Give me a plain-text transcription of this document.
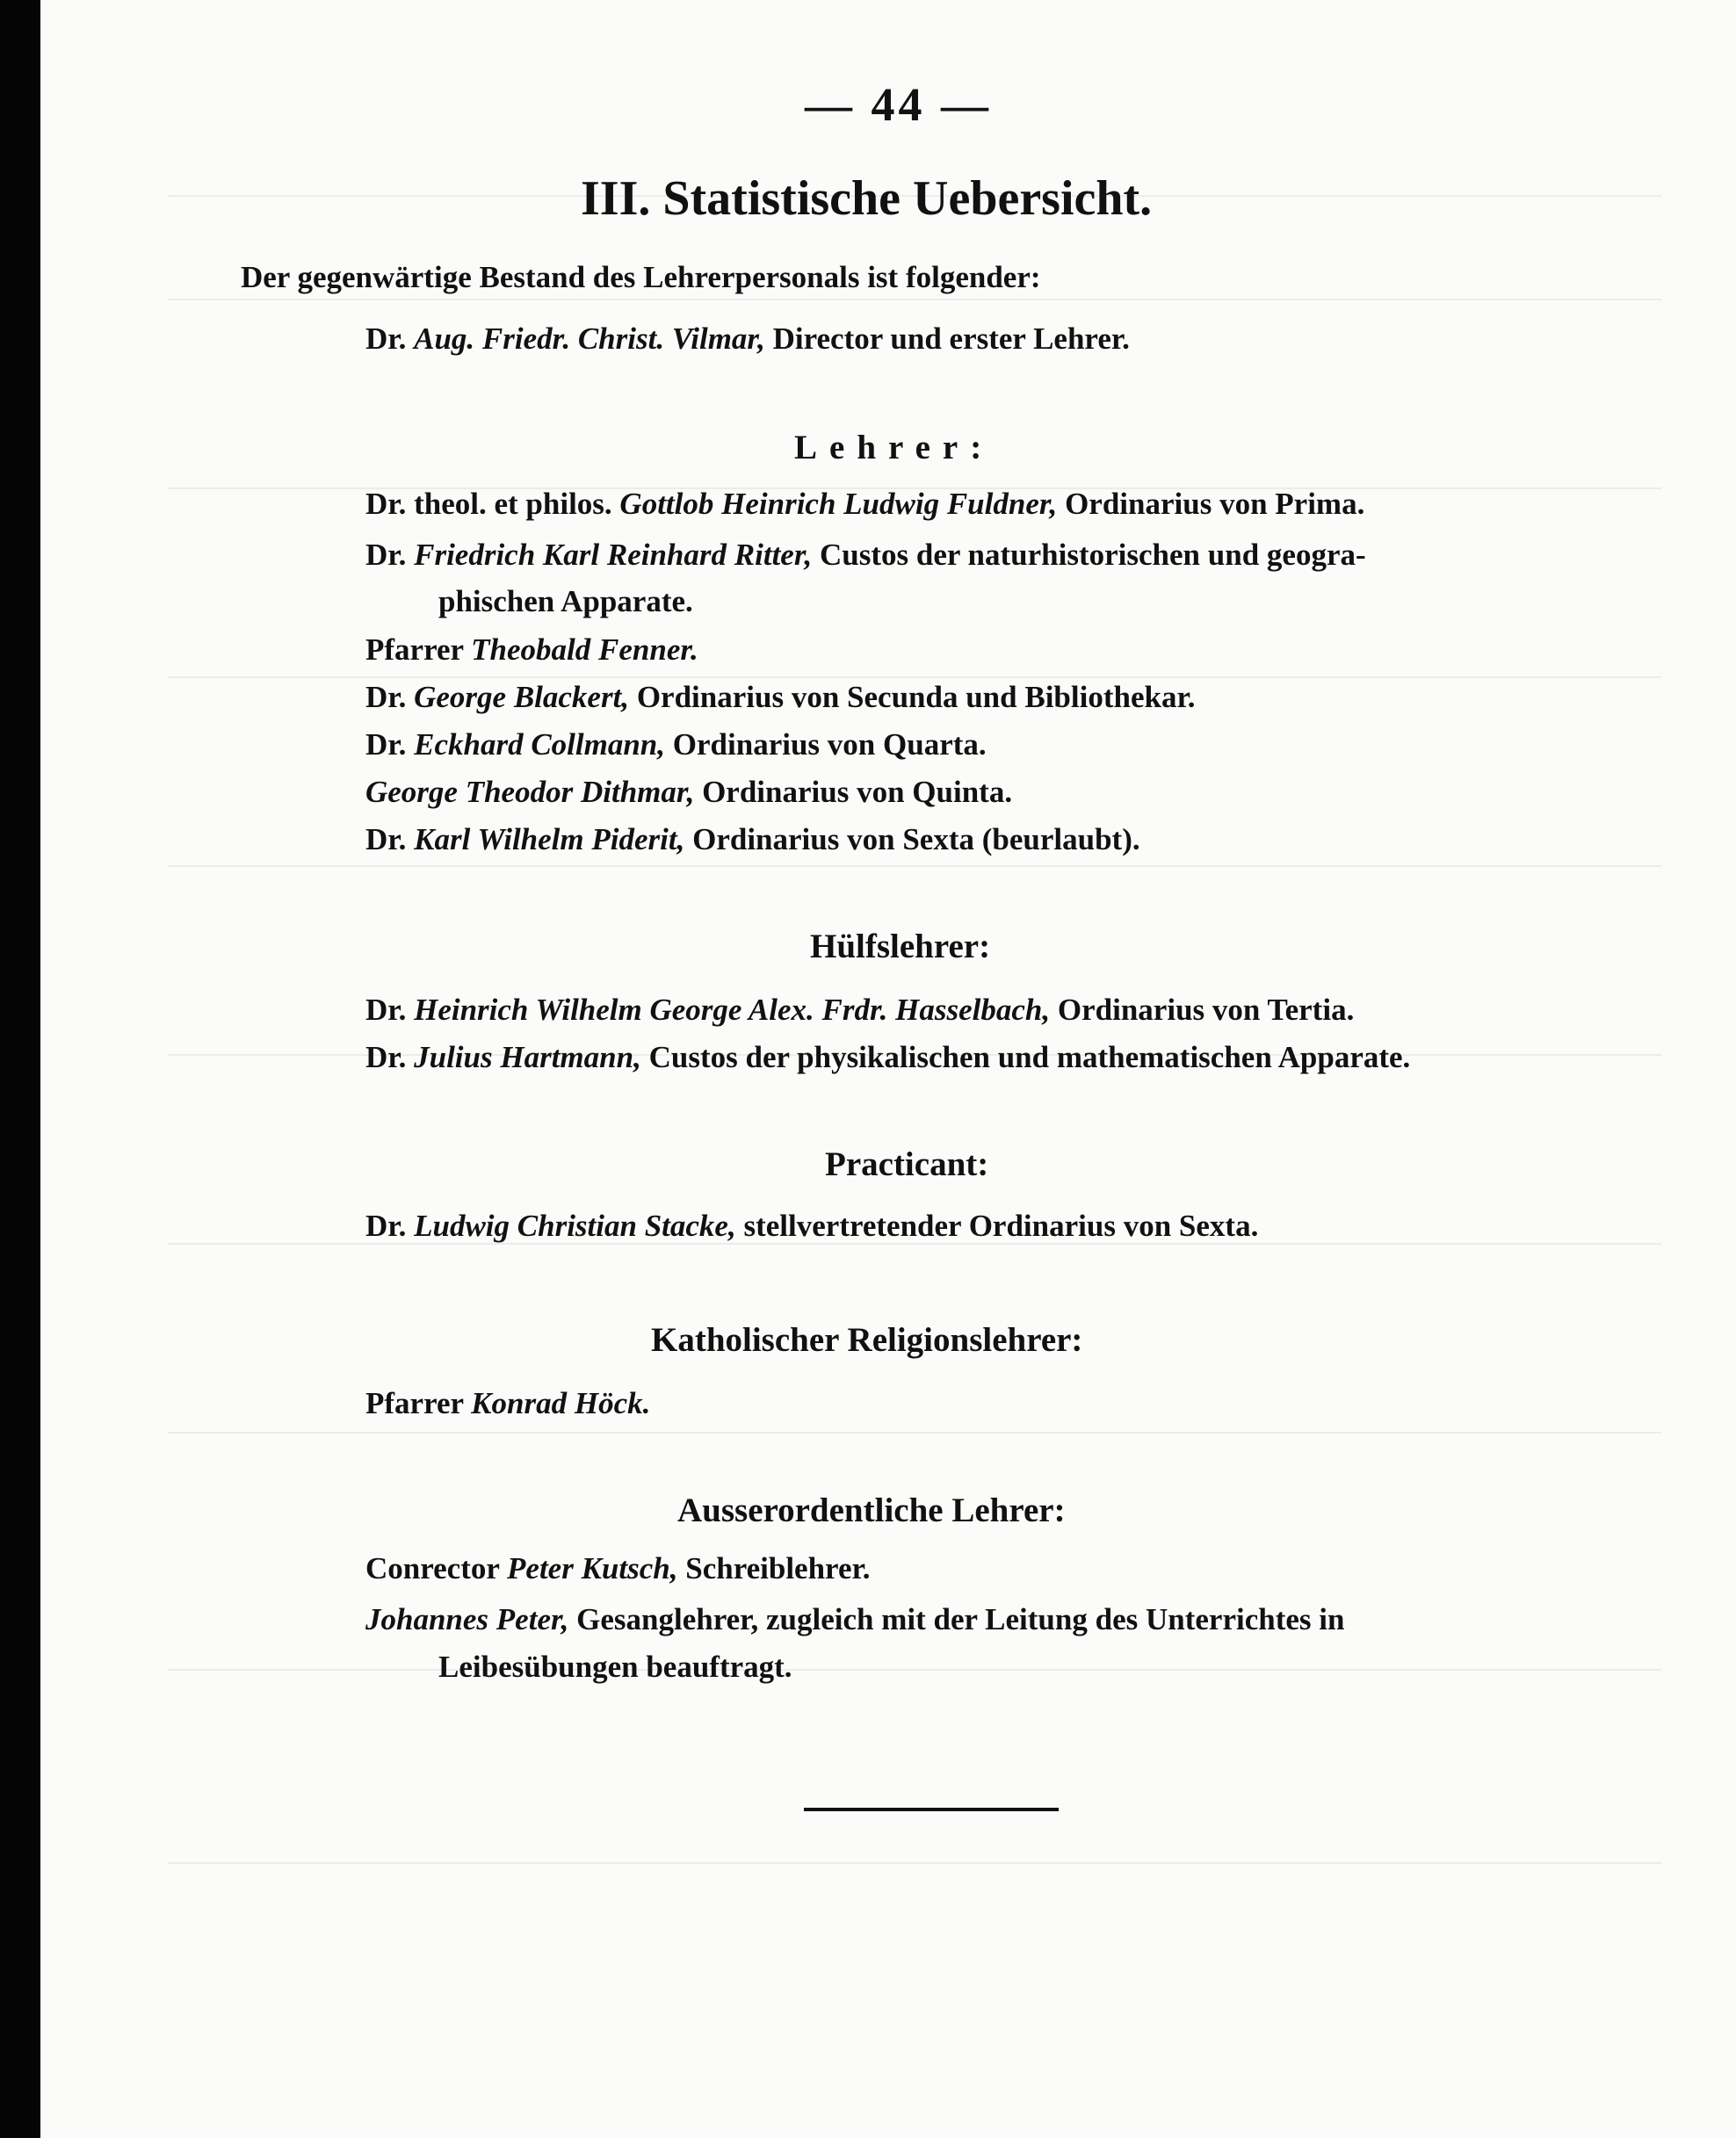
— 44 —
III. Statistische Uebersicht.
Der gegenwärtige Bestand des Lehrerpersonals ist folgender:
Dr. Aug. Friedr. Christ. Vilmar, Director und erster Lehrer.
Lehrer:
Dr. theol. et philos. Gottlob Heinrich Ludwig Fuldner, Ordinarius von Prima.
Dr. Friedrich Karl Reinhard Ritter, Custos der naturhistorischen und geogra-
phischen Apparate.
Pfarrer Theobald Fenner.
Dr. George Blackert, Ordinarius von Secunda und Bibliothekar.
Dr. Eckhard Collmann, Ordinarius von Quarta.
George Theodor Dithmar, Ordinarius von Quinta.
Dr. Karl Wilhelm Piderit, Ordinarius von Sexta (beurlaubt).
Hülfslehrer:
Dr. Heinrich Wilhelm George Alex. Frdr. Hasselbach, Ordinarius von Tertia.
Dr. Julius Hartmann, Custos der physikalischen und mathematischen Apparate.
Practicant:
Dr. Ludwig Christian Stacke, stellvertretender Ordinarius von Sexta.
Katholischer Religionslehrer:
Pfarrer Konrad Höck.
Ausserordentliche Lehrer:
Conrector Peter Kutsch, Schreiblehrer.
Johannes Peter, Gesanglehrer, zugleich mit der Leitung des Unterrichtes in
Leibesübungen beauftragt.
